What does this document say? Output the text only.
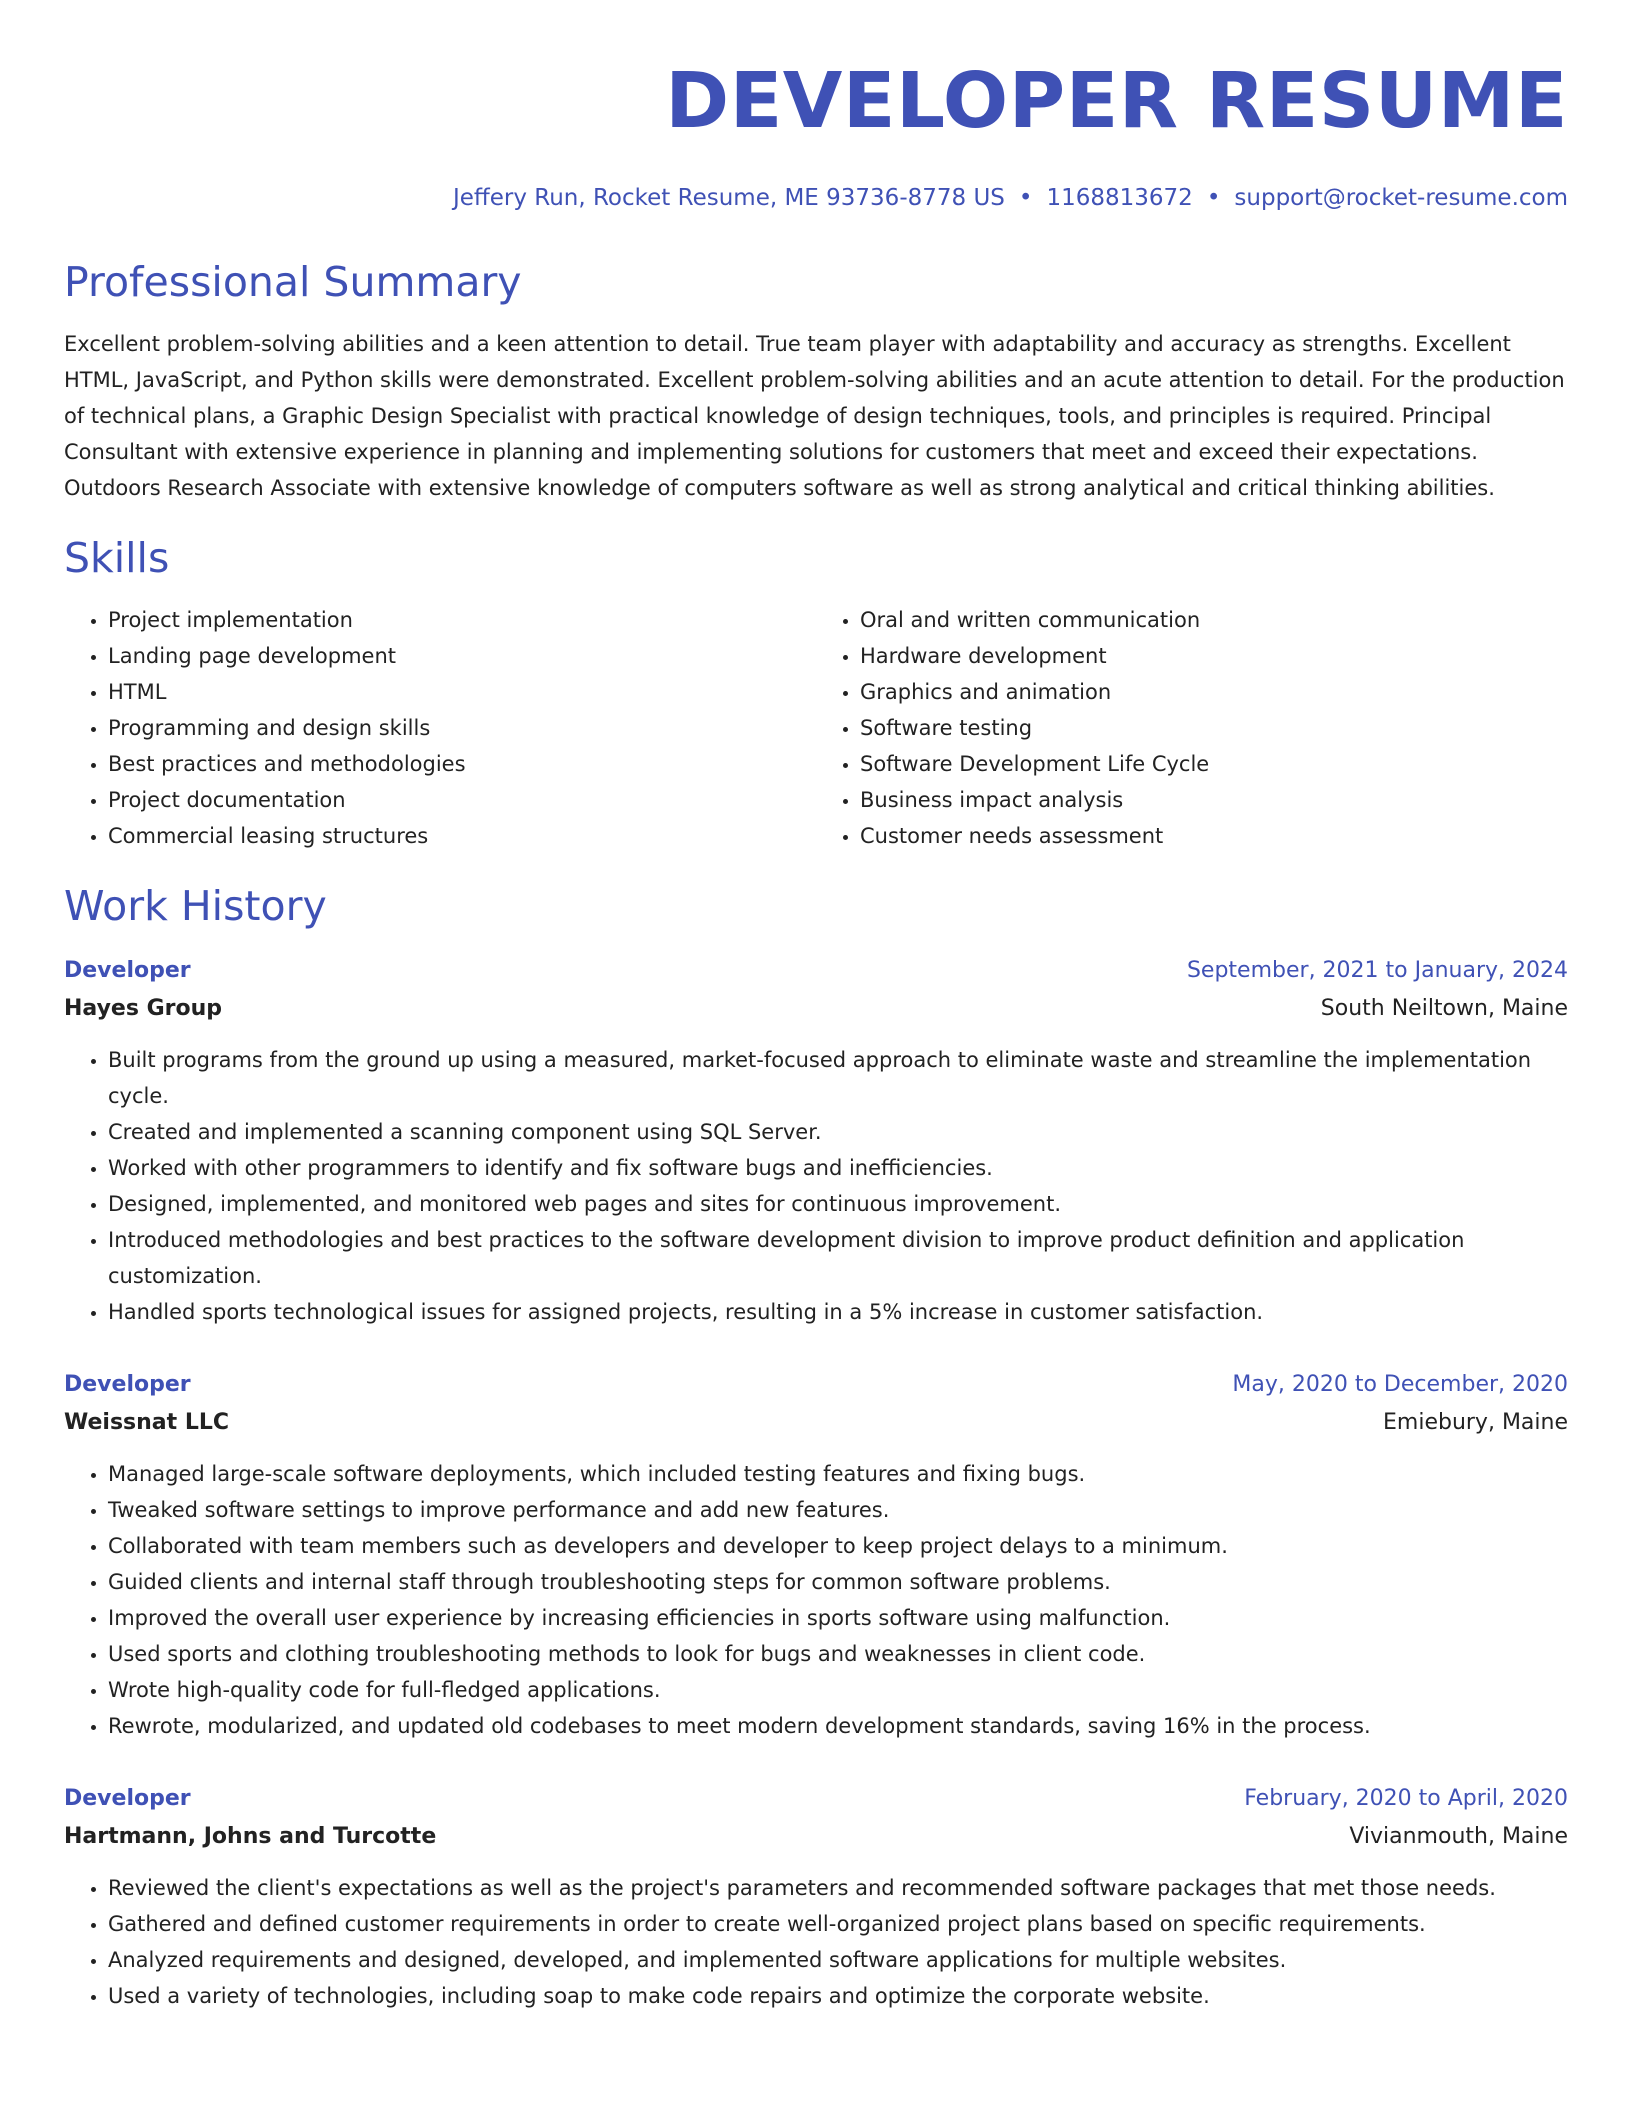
DEVELOPER RESUME
Jeffery Run, Rocket Resume, ME 93736-8778 US • 1168813672 • support@rocket-resume.com
Professional Summary

Excellent problem-solving abilities and a keen attention to detail. True team player with adaptability and accuracy as strengths. Excellent HTML, JavaScript, and Python skills were demonstrated. Excellent problem-solving abilities and an acute attention to detail. For the production of technical plans, a Graphic Design Specialist with practical knowledge of design techniques, tools, and principles is required. Principal Consultant with extensive experience in planning and implementing solutions for customers that meet and exceed their expectations. Outdoors Research Associate with extensive knowledge of computers software as well as strong analytical and critical thinking abilities.

Skills
• Project implementation
• Landing page development
• HTML
• Programming and design skills
• Best practices and methodologies
• Project documentation
• Commercial leasing structures
• Oral and written communication
• Hardware development
• Graphics and animation
• Software testing
• Software Development Life Cycle
• Business impact analysis
• Customer needs assessment
Work History
Developer	September, 2021 to January, 2024
Hayes Group	South Neiltown, Maine
• Built programs from the ground up using a measured, market-focused approach to eliminate waste and streamline the implementation cycle.
• Created and implemented a scanning component using SQL Server.
• Worked with other programmers to identify and fix software bugs and inefficiencies.
• Designed, implemented, and monitored web pages and sites for continuous improvement.
• Introduced methodologies and best practices to the software development division to improve product definition and application customization.
• Handled sports technological issues for assigned projects, resulting in a 5% increase in customer satisfaction.
Developer	May, 2020 to December, 2020
Weissnat LLC	Emiebury, Maine
• Managed large-scale software deployments, which included testing features and fixing bugs.
• Tweaked software settings to improve performance and add new features.
• Collaborated with team members such as developers and developer to keep project delays to a minimum.
• Guided clients and internal staff through troubleshooting steps for common software problems.
• Improved the overall user experience by increasing efficiencies in sports software using malfunction.
• Used sports and clothing troubleshooting methods to look for bugs and weaknesses in client code.
• Wrote high-quality code for full-fledged applications.
• Rewrote, modularized, and updated old codebases to meet modern development standards, saving 16% in the process.
Developer	February, 2020 to April, 2020
Hartmann, Johns and Turcotte	Vivianmouth, Maine
• Reviewed the client's expectations as well as the project's parameters and recommended software packages that met those needs.
• Gathered and defined customer requirements in order to create well-organized project plans based on specific requirements.
• Analyzed requirements and designed, developed, and implemented software applications for multiple websites.
• Used a variety of technologies, including soap to make code repairs and optimize the corporate website.
